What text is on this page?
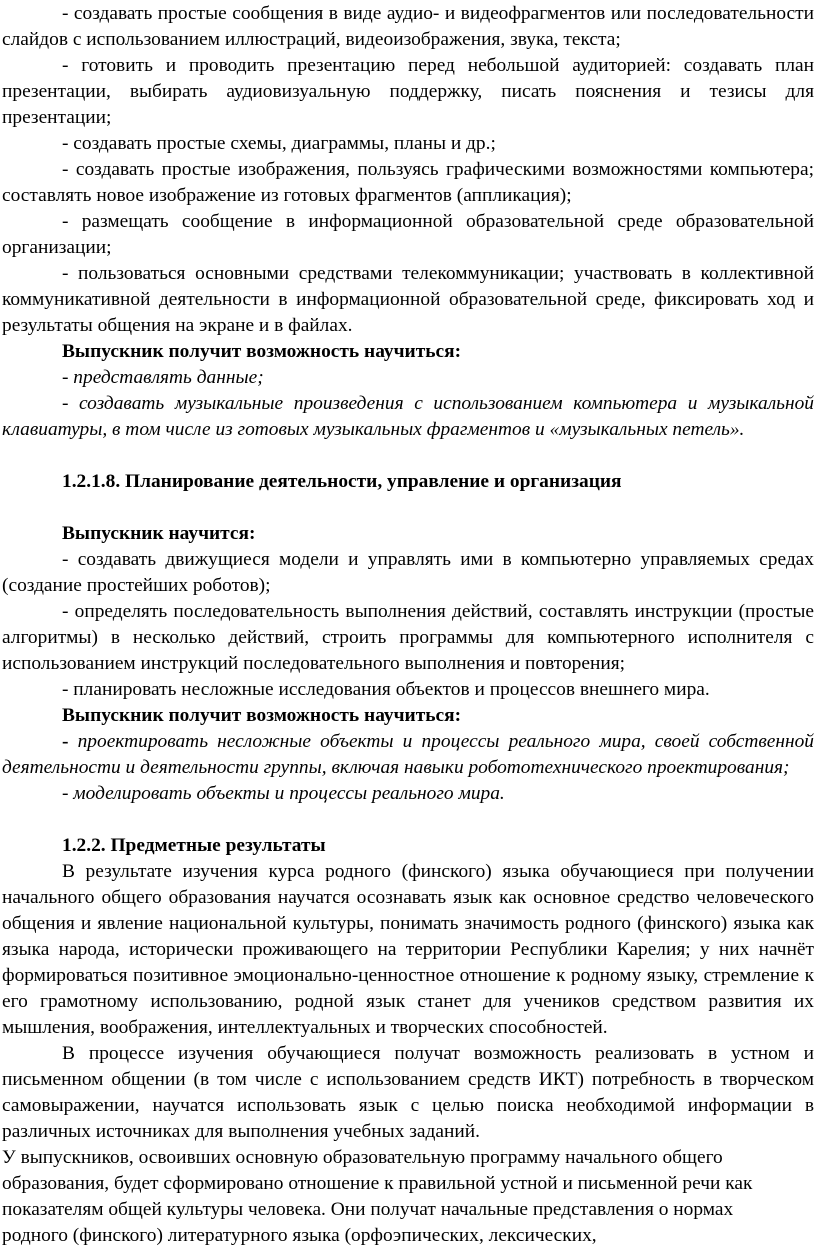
- создавать простые сообщения в виде аудио- и видеофрагментов или последовательности слайдов с использованием иллюстраций, видеоизображения, звука, текста;

- готовить и проводить презентацию перед небольшой аудиторией: создавать план презентации, выбирать аудиовизуальную поддержку, писать пояснения и тезисы для презентации;

- создавать простые схемы, диаграммы, планы и др.;

- создавать простые изображения, пользуясь графическими возможностями компьютера; составлять новое изображение из готовых фрагментов (аппликация);

- размещать сообщение в информационной образовательной среде образовательной организации;

- пользоваться основными средствами телекоммуникации; участвовать в коллективной коммуникативной деятельности в информационной образовательной среде, фиксировать ход и результаты общения на экране и в файлах.

Выпускник получит возможность научиться:

- представлять данные;

- создавать музыкальные произведения с использованием компьютера и музыкальной клавиатуры, в том числе из готовых музыкальных фрагментов и «музыкальных петель».

1.2.1.8. Планирование деятельности, управление и организация

Выпускник научится:

- создавать движущиеся модели и управлять ими в компьютерно управляемых средах (создание простейших роботов);

- определять последовательность выполнения действий, составлять инструкции (простые алгоритмы) в несколько действий, строить программы для компьютерного исполнителя с использованием инструкций последовательного выполнения и повторения;

- планировать несложные исследования объектов и процессов внешнего мира.

Выпускник получит возможность научиться:

- проектировать несложные объекты и процессы реального мира, своей собственной деятельности и деятельности группы, включая навыки робототехнического проектирования;

- моделировать объекты и процессы реального мира.

1.2.2. Предметные результаты

В результате изучения курса родного (финского) языка обучающиеся при получении начального общего образования научатся осознавать язык как основное средство человеческого общения и явление национальной культуры, понимать значимость родного (финского) языка как языка народа, исторически проживающего на территории Республики Карелия; у них начнёт формироваться позитивное эмоционально-ценностное отношение к родному языку, стремление к его грамотному использованию, родной язык станет для учеников средством развития их мышления, воображения, интеллектуальных и творческих способностей.

В процессе изучения обучающиеся получат возможность реализовать в устном и письменном общении (в том числе с использованием средств ИКТ) потребность в творческом самовыражении, научатся использовать язык с целью поиска необходимой информации в различных источниках для выполнения учебных заданий.

У выпускников, освоивших основную образовательную программу начального общего

образования, будет сформировано отношение к правильной устной и письменной речи как

показателям общей культуры человека. Они получат начальные представления о нормах

родного (финского) литературного языка (орфоэпических, лексических,
